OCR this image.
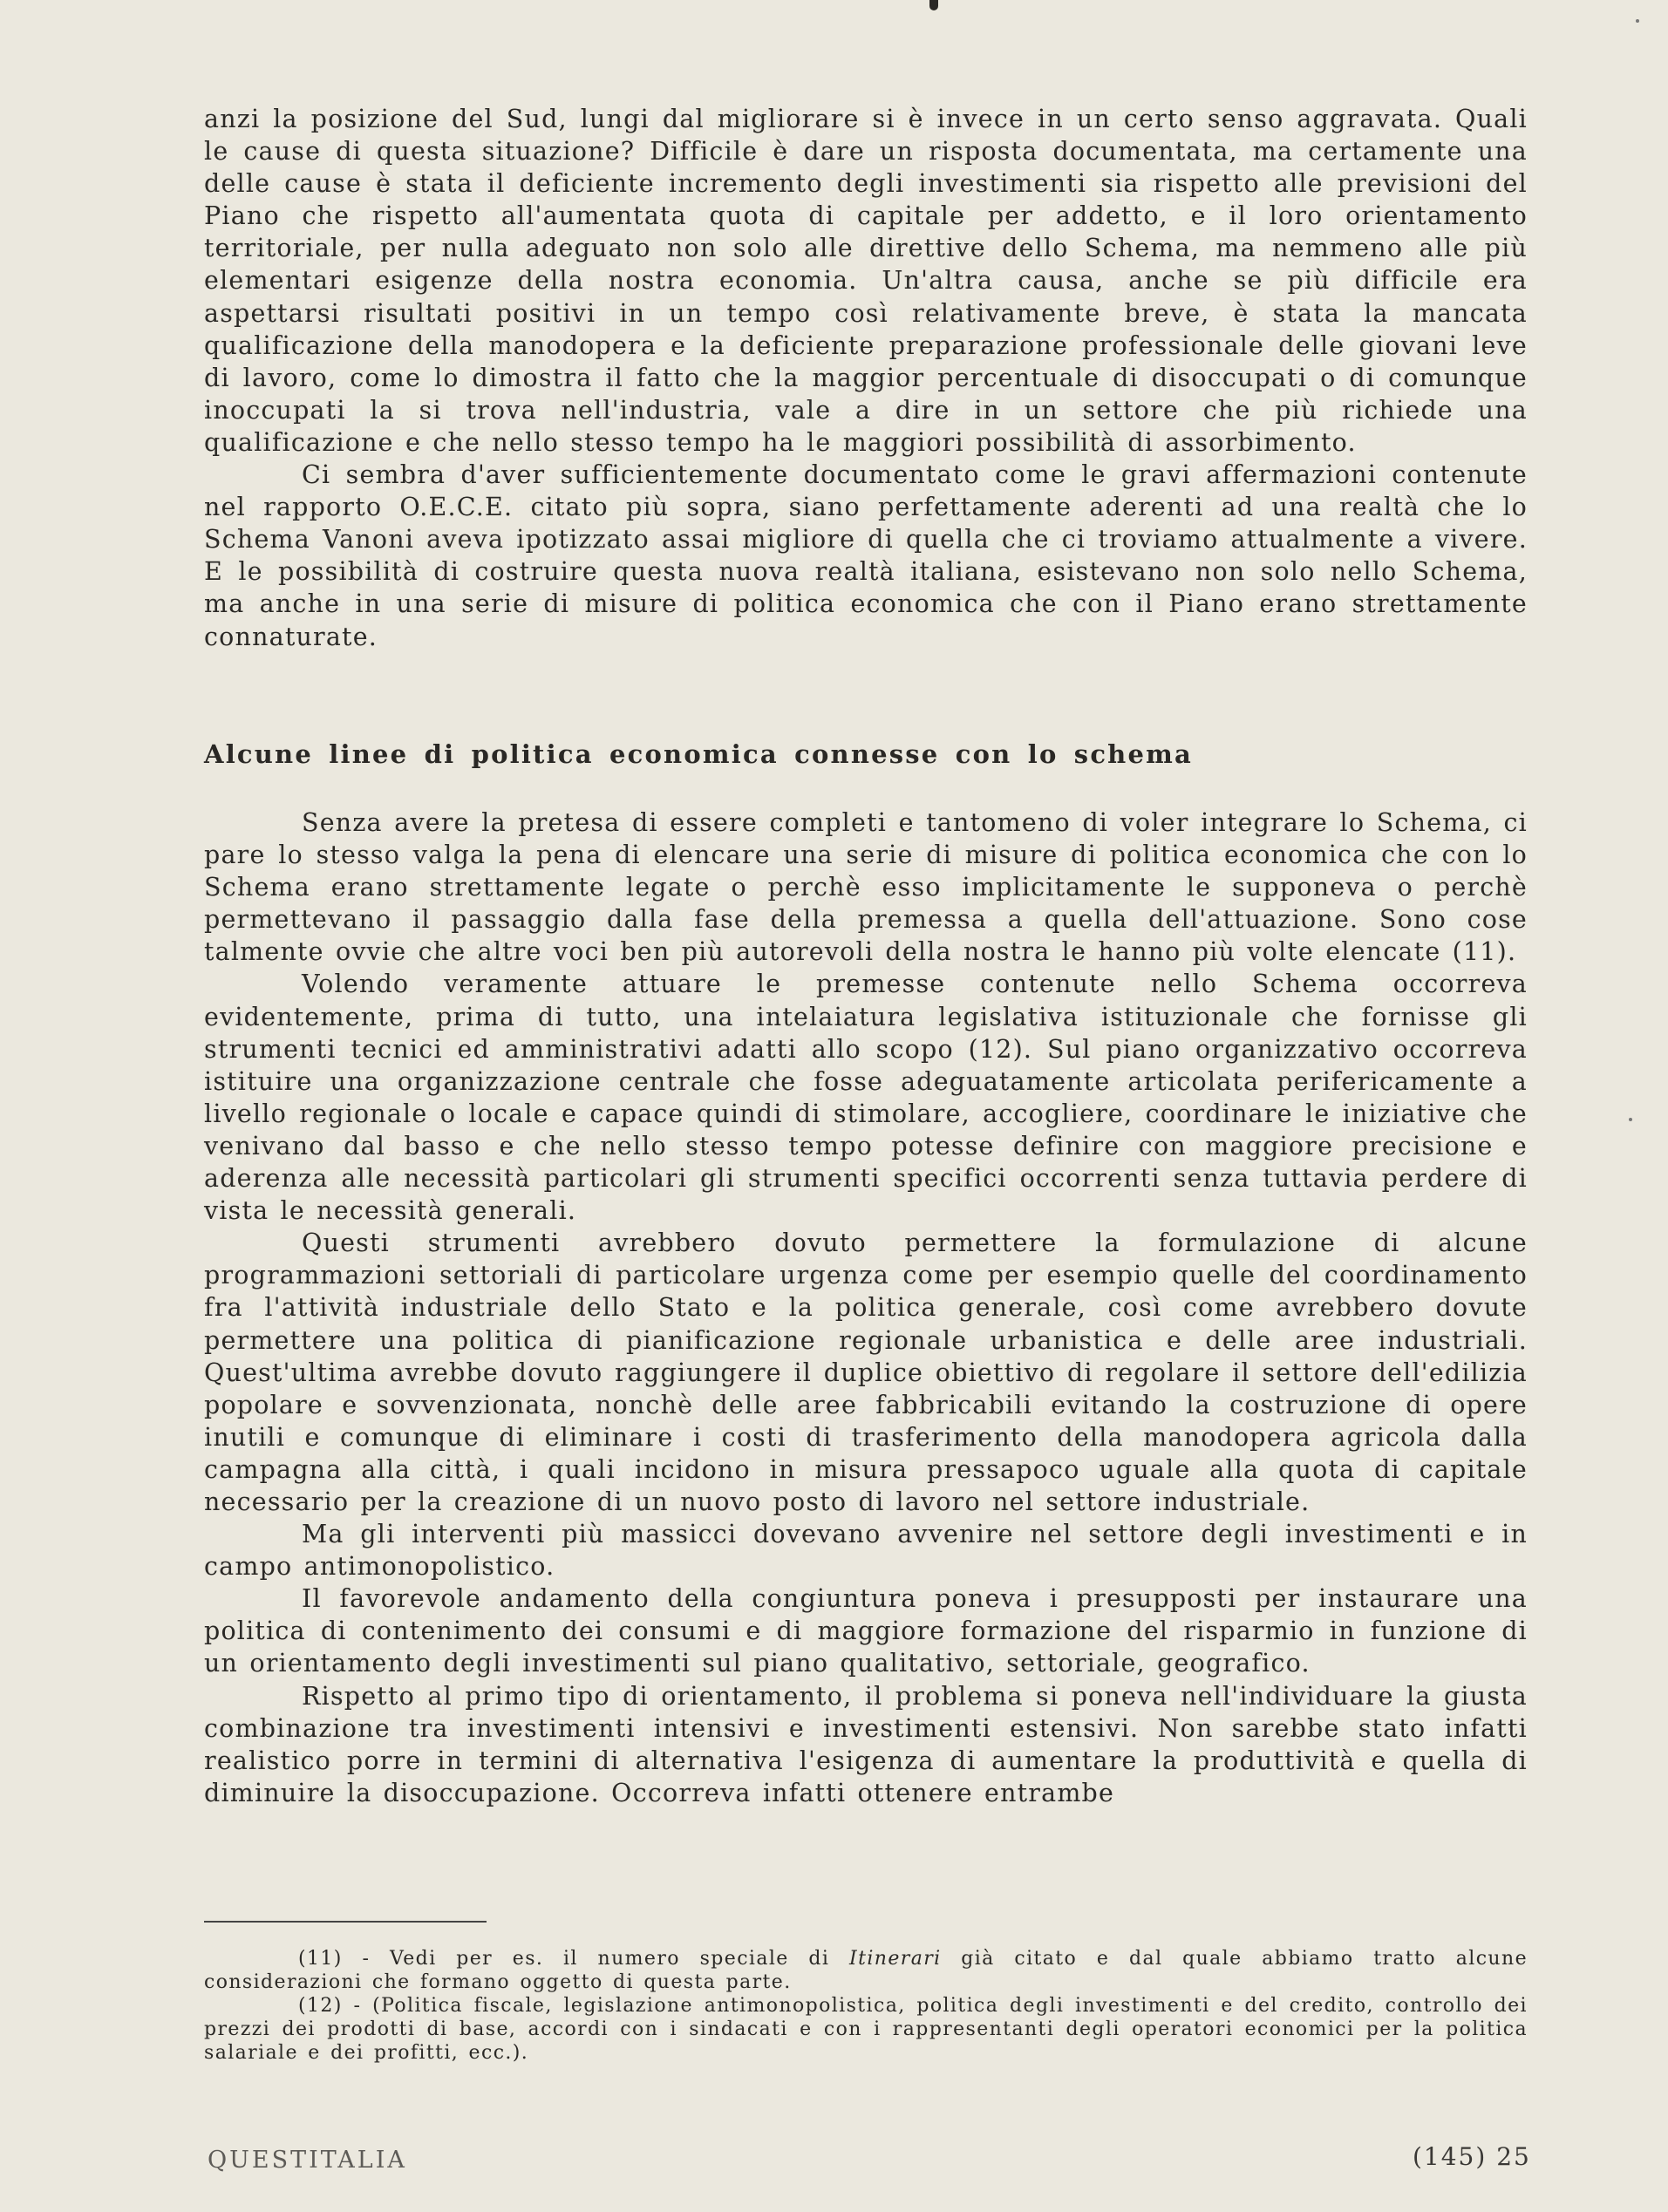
anzi la posizione del Sud, lungi dal migliorare si è invece in un certo senso aggravata. Quali le cause di questa situazione? Difficile è dare un risposta documentata, ma certamente una delle cause è stata il deficiente incremento degli investimenti sia rispetto alle previsioni del Piano che rispetto all'aumentata quota di capitale per addetto, e il loro orientamento territoriale, per nulla adeguato non solo alle direttive dello Schema, ma nemmeno alle più elementari esigenze della nostra economia. Un'altra causa, anche se più difficile era aspettarsi risultati positivi in un tempo così relativamente breve, è stata la mancata qualificazione della manodopera e la deficiente preparazione professionale delle giovani leve di lavoro, come lo dimostra il fatto che la maggior percentuale di disoccupati o di comunque inoccupati la si trova nell'industria, vale a dire in un settore che più richiede una qualificazione e che nello stesso tempo ha le maggiori possibilità di assorbimento.

Ci sembra d'aver sufficientemente documentato come le gravi affermazioni contenute nel rapporto O.E.C.E. citato più sopra, siano perfettamente aderenti ad una realtà che lo Schema Vanoni aveva ipotizzato assai migliore di quella che ci troviamo attualmente a vivere. E le possibilità di costruire questa nuova realtà italiana, esistevano non solo nello Schema, ma anche in una serie di misure di politica economica che con il Piano erano strettamente connaturate.

Alcune linee di politica economica connesse con lo schema

Senza avere la pretesa di essere completi e tantomeno di voler integrare lo Schema, ci pare lo stesso valga la pena di elencare una serie di misure di politica economica che con lo Schema erano strettamente legate o perchè esso implicitamente le supponeva o perchè permettevano il passaggio dalla fase della premessa a quella dell'attuazione. Sono cose talmente ovvie che altre voci ben più autorevoli della nostra le hanno più volte elencate (11).

Volendo veramente attuare le premesse contenute nello Schema occorreva evidentemente, prima di tutto, una intelaiatura legislativa istituzionale che fornisse gli strumenti tecnici ed amministrativi adatti allo scopo (12). Sul piano organizzativo occorreva istituire una organizzazione centrale che fosse adeguatamente articolata perifericamente a livello regionale o locale e capace quindi di stimolare, accogliere, coordinare le iniziative che venivano dal basso e che nello stesso tempo potesse definire con maggiore precisione e aderenza alle necessità particolari gli strumenti specifici occorrenti senza tuttavia perdere di vista le necessità generali.

Questi strumenti avrebbero dovuto permettere la formulazione di alcune programmazioni settoriali di particolare urgenza come per esempio quelle del coordinamento fra l'attività industriale dello Stato e la politica generale, così come avrebbero dovute permettere una politica di pianificazione regionale urbanistica e delle aree industriali. Quest'ultima avrebbe dovuto raggiungere il duplice obiettivo di regolare il settore dell'edilizia popolare e sovvenzionata, nonchè delle aree fabbricabili evitando la costruzione di opere inutili e comunque di eliminare i costi di trasferimento della manodopera agricola dalla campagna alla città, i quali incidono in misura pressapoco uguale alla quota di capitale necessario per la creazione di un nuovo posto di lavoro nel settore industriale.

Ma gli interventi più massicci dovevano avvenire nel settore degli investimenti e in campo antimonopolistico.

Il favorevole andamento della congiuntura poneva i presupposti per instaurare una politica di contenimento dei consumi e di maggiore formazione del risparmio in funzione di un orientamento degli investimenti sul piano qualitativo, settoriale, geografico.

Rispetto al primo tipo di orientamento, il problema si poneva nell'individuare la giusta combinazione tra investimenti intensivi e investimenti estensivi. Non sarebbe stato infatti realistico porre in termini di alternativa l'esigenza di aumentare la produttività e quella di diminuire la disoccupazione. Occorreva infatti ottenere entrambe

(11) - Vedi per es. il numero speciale di Itinerari già citato e dal quale abbiamo tratto alcune considerazioni che formano oggetto di questa parte.

(12) - (Politica fiscale, legislazione antimonopolistica, politica degli investimenti e del credito, controllo dei prezzi dei prodotti di base, accordi con i sindacati e con i rappresentanti degli operatori economici per la politica salariale e dei profitti, ecc.).

QUESTITALIA	(145) 25
